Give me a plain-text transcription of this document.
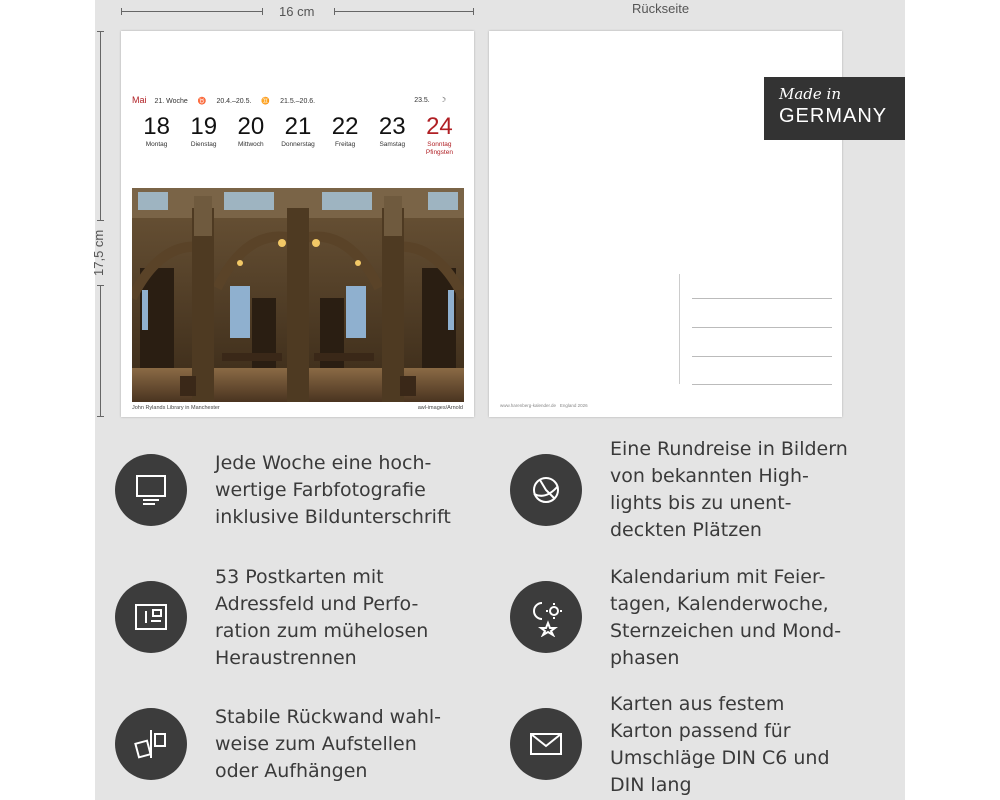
16 cm
17,5 cm
Mai 21. Woche ♉ 20.4.–20.5. ♊ 21.5.–20.6.	23.5. ☽
18
Montag
19
Dienstag
20
Mittwoch
21
Donnerstag
22
Freitag
23
Samstag
24
Sonntag
Pfingsten
John Rylands Library in Manchester	awl-images/Arnold
Rückseite
www.harenberg-kalender.de England 2026
Made in
GERMANY
Jede Woche eine hoch-
wertige Farbfotografie
inklusive Bildunterschrift
Eine Rundreise in Bildern
von bekannten High-
lights bis zu unent-
deckten Plätzen
53 Postkarten mit
Adressfeld und Perfo-
ration zum mühelosen
Heraustrennen
Kalendarium mit Feier-
tagen, Kalenderwoche,
Sternzeichen und Mond-
phasen
Stabile Rückwand wahl-
weise zum Aufstellen
oder Aufhängen
Karten aus festem
Karton passend für
Umschläge DIN C6 und
DIN lang
